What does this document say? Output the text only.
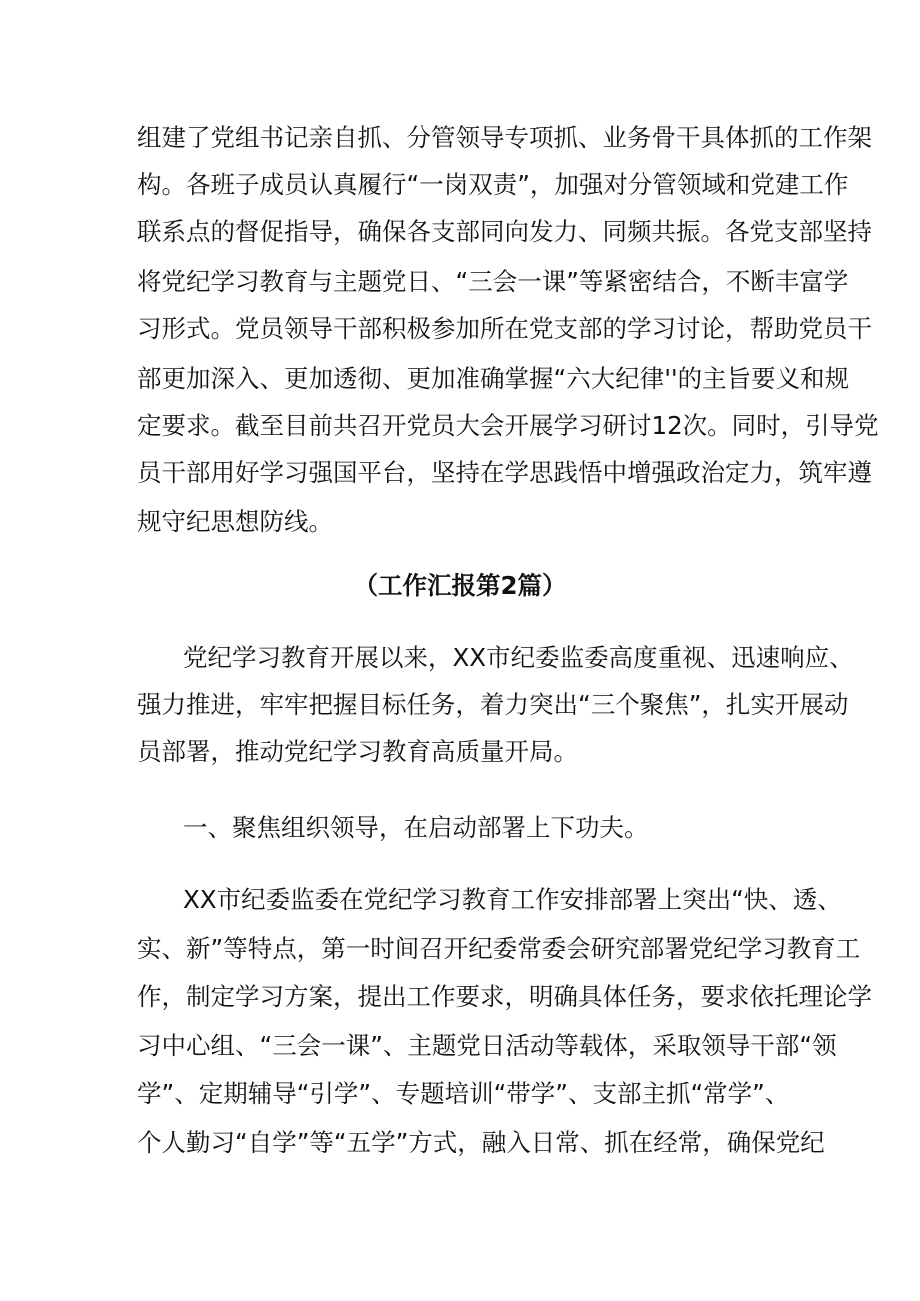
组建了党组书记亲自抓、分管领导专项抓、业务骨干具体抓的工作架
构。各班子成员认真履行“一岗双责”，加强对分管领域和党建工作
联系点的督促指导，确保各支部同向发力、同频共振。各党支部坚持
将党纪学习教育与主题党日、“三会一课”等紧密结合，不断丰富学
习形式。党员领导干部积极参加所在党支部的学习讨论，帮助党员干
部更加深入、更加透彻、更加准确掌握“六大纪律''的主旨要义和规
定要求。截至目前共召开党员大会开展学习研讨12次。同时，引导党
员干部用好学习强国平台，坚持在学思践悟中增强政治定力，筑牢遵
规守纪思想防线。
（工作汇报第2篇）
党纪学习教育开展以来，XX市纪委监委高度重视、迅速响应、
强力推进，牢牢把握目标任务，着力突出“三个聚焦”，扎实开展动
员部署，推动党纪学习教育高质量开局。
一、聚焦组织领导，在启动部署上下功夫。
XX市纪委监委在党纪学习教育工作安排部署上突出“快、透、
实、新”等特点，第一时间召开纪委常委会研究部署党纪学习教育工
作，制定学习方案，提出工作要求，明确具体任务，要求依托理论学
习中心组、“三会一课”、主题党日活动等载体，采取领导干部“领
学”、定期辅导“引学”、专题培训“带学”、支部主抓“常学”、
个人勤习“自学”等“五学”方式，融入日常、抓在经常，确保党纪
